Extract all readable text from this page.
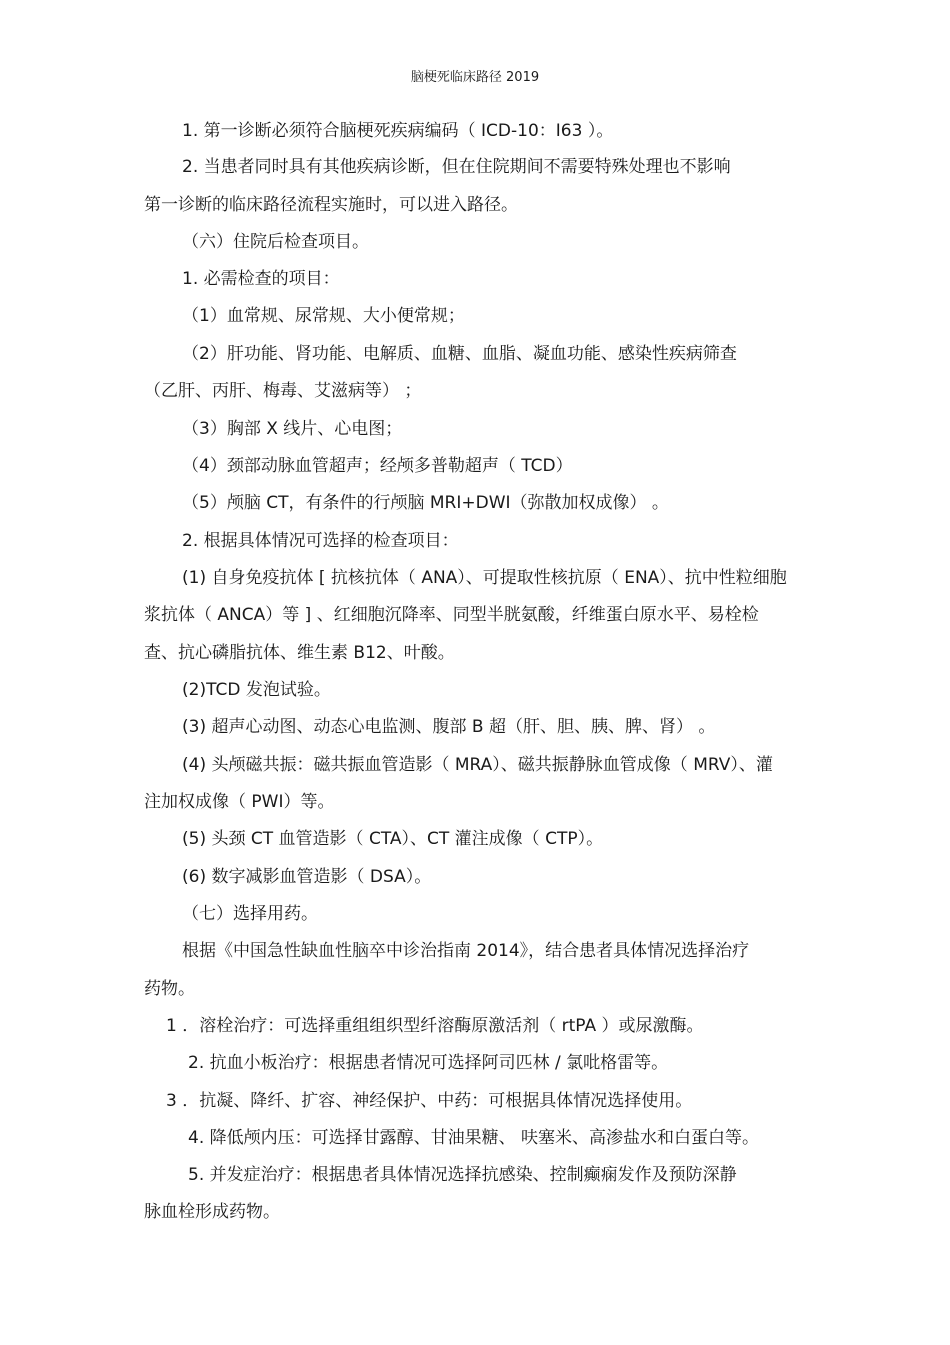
脑梗死临床路径 2019
1. 第一诊断必须符合脑梗死疾病编码（ ICD-10：I63 ）。
2. 当患者同时具有其他疾病诊断，但在住院期间不需要特殊处理也不影响
第一诊断的临床路径流程实施时，可以进入路径。
（六）住院后检查项目。
1. 必需检查的项目：
（1）血常规、尿常规、大小便常规；
（2）肝功能、肾功能、电解质、血糖、血脂、凝血功能、感染性疾病筛查
（乙肝、丙肝、梅毒、艾滋病等） ；
（3）胸部 X 线片、心电图；
（4）颈部动脉血管超声；经颅多普勒超声（ TCD）
（5）颅脑 CT，有条件的行颅脑 MRI+DWI（弥散加权成像） 。
2. 根据具体情况可选择的检查项目：
(1) 自身免疫抗体 [ 抗核抗体（ ANA）、可提取性核抗原（ ENA）、抗中性粒细胞
浆抗体（ ANCA）等 ] 、红细胞沉降率、同型半胱氨酸，纤维蛋白原水平、易栓检
查、抗心磷脂抗体、维生素 B12、叶酸。
(2)TCD 发泡试验。
(3) 超声心动图、动态心电监测、腹部 B 超（肝、胆、胰、脾、肾） 。
(4) 头颅磁共振：磁共振血管造影（ MRA）、磁共振静脉血管成像（ MRV）、灌
注加权成像（ PWI）等。
(5) 头颈 CT 血管造影（ CTA）、CT 灌注成像（ CTP）。
(6) 数字减影血管造影（ DSA）。
（七）选择用药。
根据《中国急性缺血性脑卒中诊治指南 2014》，结合患者具体情况选择治疗
药物。
1 ．溶栓治疗：可选择重组组织型纤溶酶原激活剂（ rtPA ）或尿激酶。
2. 抗血小板治疗：根据患者情况可选择阿司匹林 / 氯吡格雷等。
3 ．抗凝、降纤、扩容、神经保护、中药：可根据具体情况选择使用。
4. 降低颅内压：可选择甘露醇、甘油果糖、 呋塞米、高渗盐水和白蛋白等。
5. 并发症治疗：根据患者具体情况选择抗感染、控制癫痫发作及预防深静
脉血栓形成药物。
